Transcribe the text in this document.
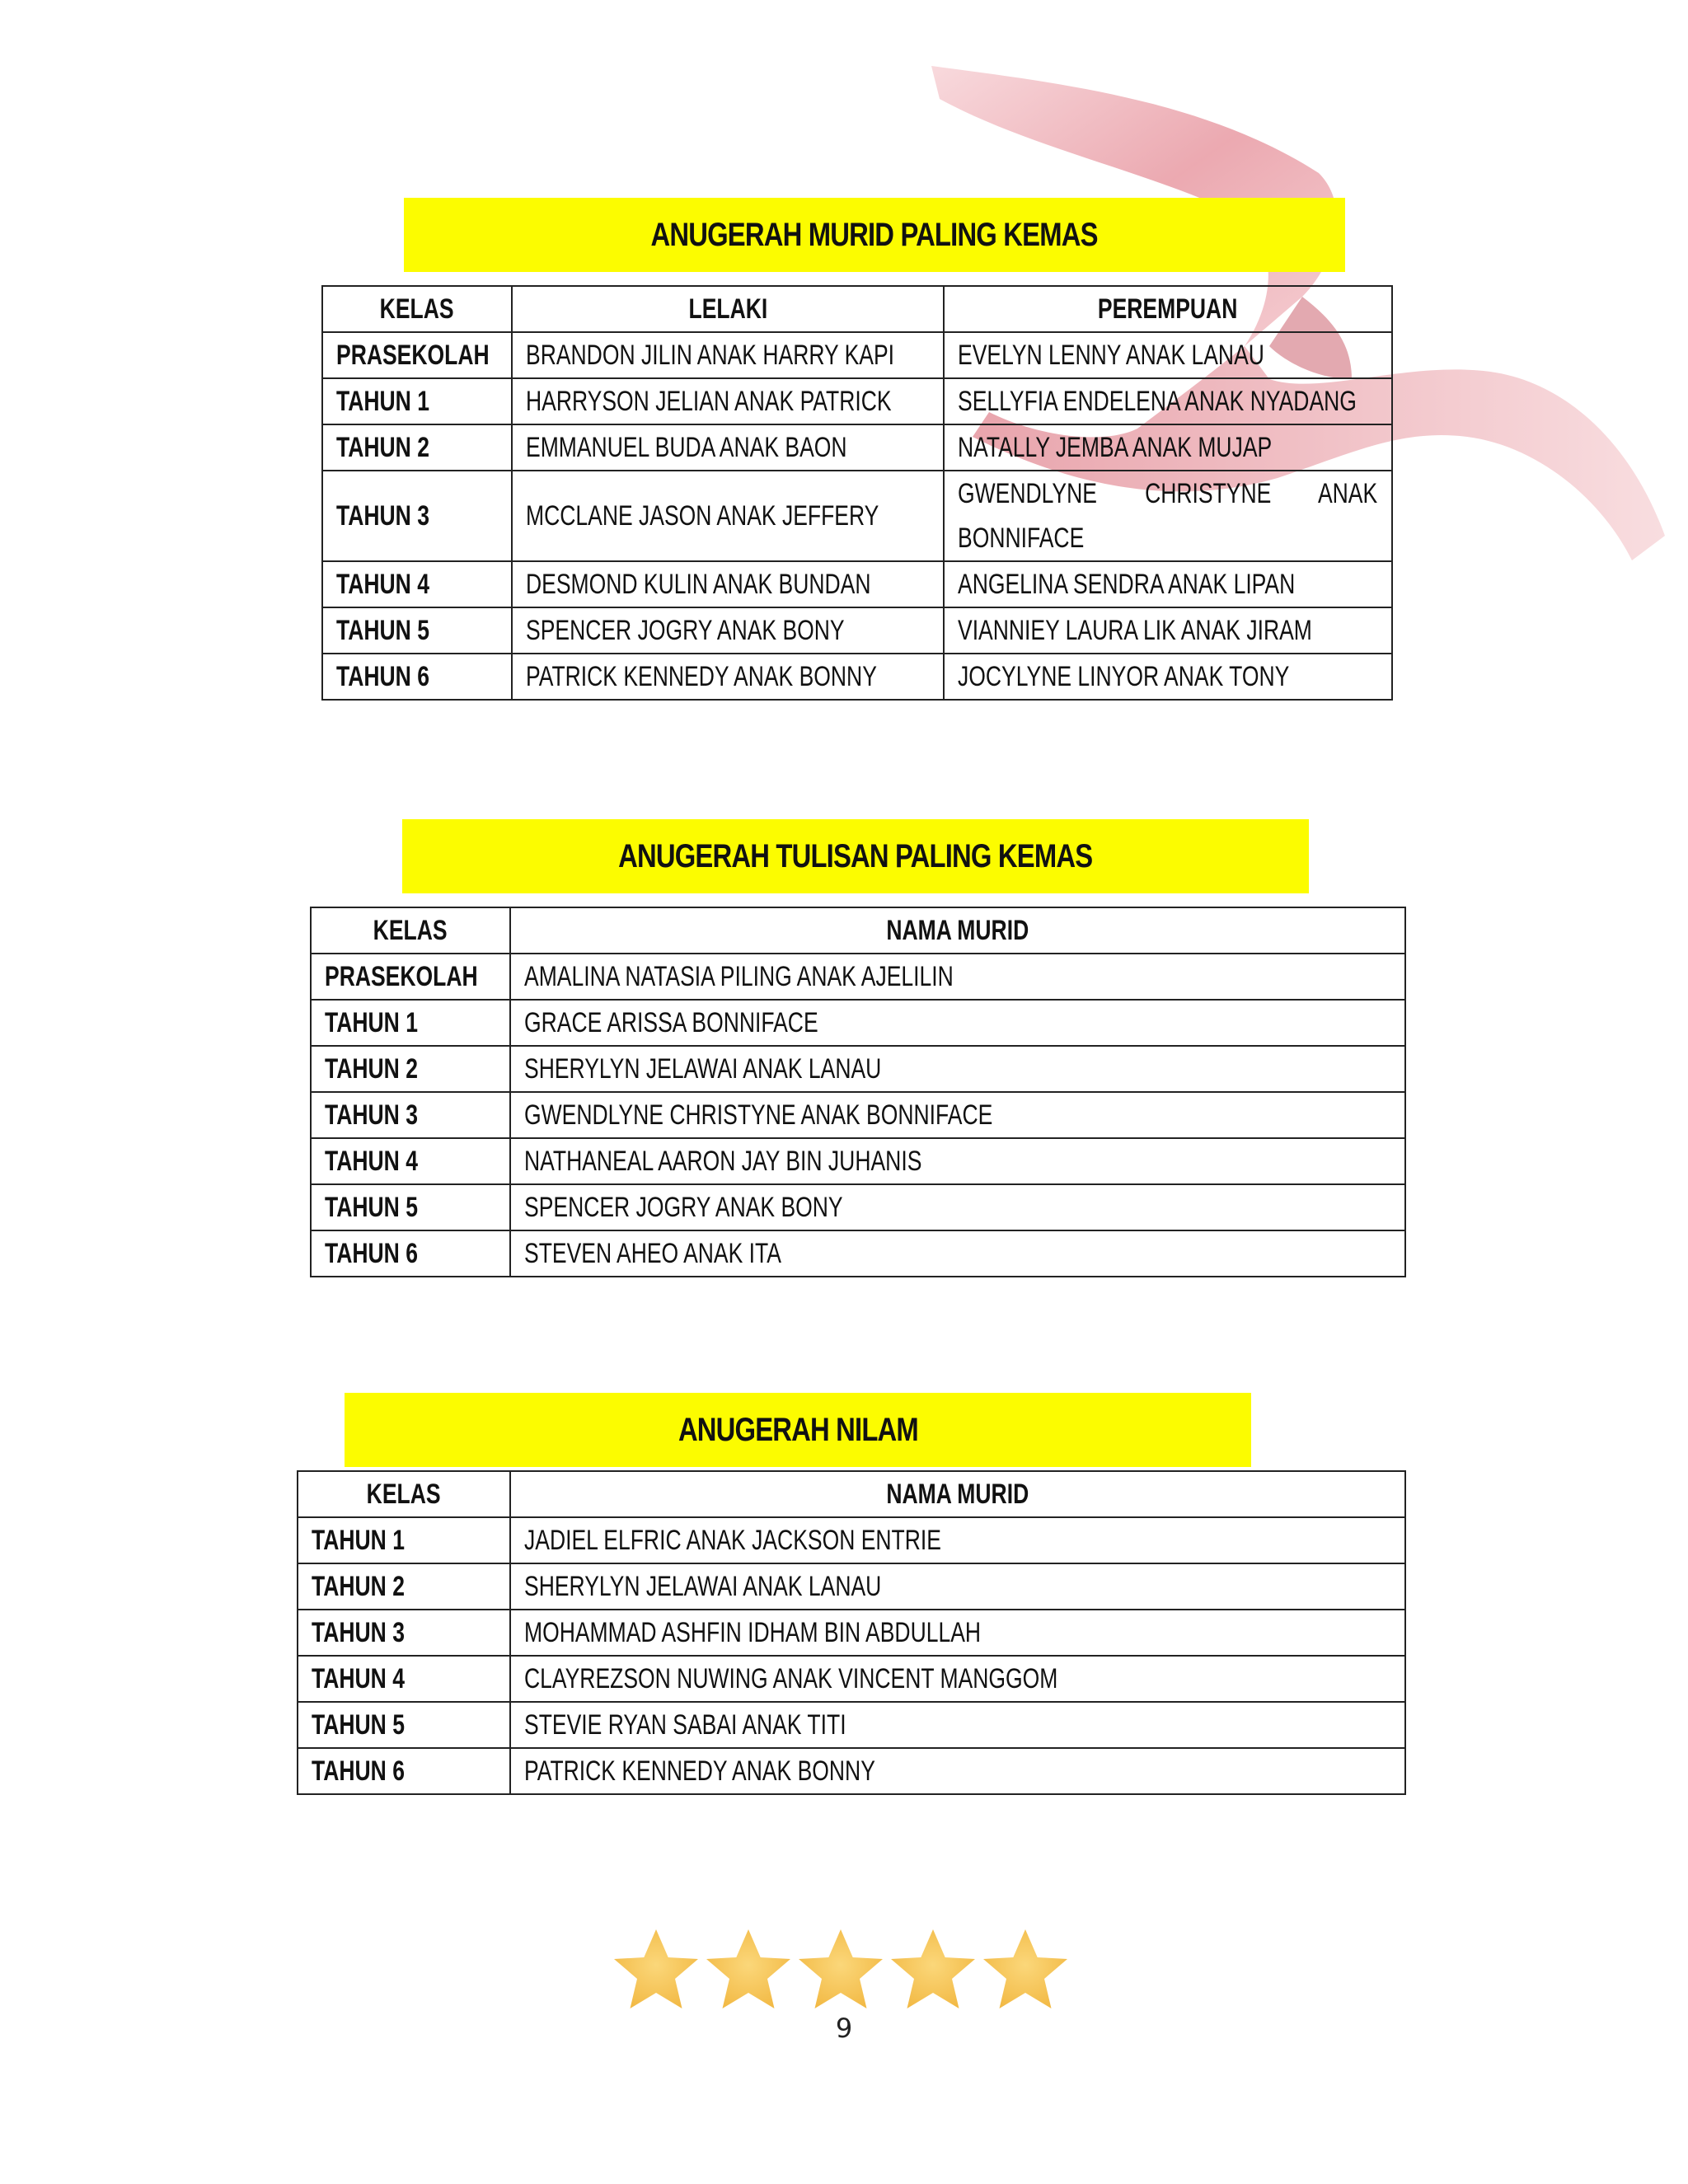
ANUGERAH MURID PALING KEMAS
KELAS	LELAKI	PEREMPUAN
PRASEKOLAH	BRANDON JILIN ANAK HARRY KAPI	EVELYN LENNY ANAK LANAU
TAHUN 1	HARRYSON JELIAN ANAK PATRICK	SELLYFIA ENDELENA ANAK NYADANG
TAHUN 2	EMMANUEL BUDA ANAK BAON	NATALLY JEMBA ANAK MUJAP
TAHUN 3	MCCLANE JASON ANAK JEFFERY	GWENDLYNE CHRISTYNE ANAK BONNIFACE
TAHUN 4	DESMOND KULIN ANAK BUNDAN	ANGELINA SENDRA ANAK LIPAN
TAHUN 5	SPENCER JOGRY ANAK BONY	VIANNIEY LAURA LIK ANAK JIRAM
TAHUN 6	PATRICK KENNEDY ANAK BONNY	JOCYLYNE LINYOR ANAK TONY
ANUGERAH TULISAN PALING KEMAS
KELAS	NAMA MURID
PRASEKOLAH	AMALINA NATASIA PILING ANAK AJELILIN
TAHUN 1	GRACE ARISSA BONNIFACE
TAHUN 2	SHERYLYN JELAWAI ANAK LANAU
TAHUN 3	GWENDLYNE CHRISTYNE ANAK BONNIFACE
TAHUN 4	NATHANEAL AARON JAY BIN JUHANIS
TAHUN 5	SPENCER JOGRY ANAK BONY
TAHUN 6	STEVEN AHEO ANAK ITA
ANUGERAH NILAM
KELAS	NAMA MURID
TAHUN 1	JADIEL ELFRIC ANAK JACKSON ENTRIE
TAHUN 2	SHERYLYN JELAWAI ANAK LANAU
TAHUN 3	MOHAMMAD ASHFIN IDHAM BIN ABDULLAH
TAHUN 4	CLAYREZSON NUWING ANAK VINCENT MANGGOM
TAHUN 5	STEVIE RYAN SABAI ANAK TITI
TAHUN 6	PATRICK KENNEDY ANAK BONNY
9
